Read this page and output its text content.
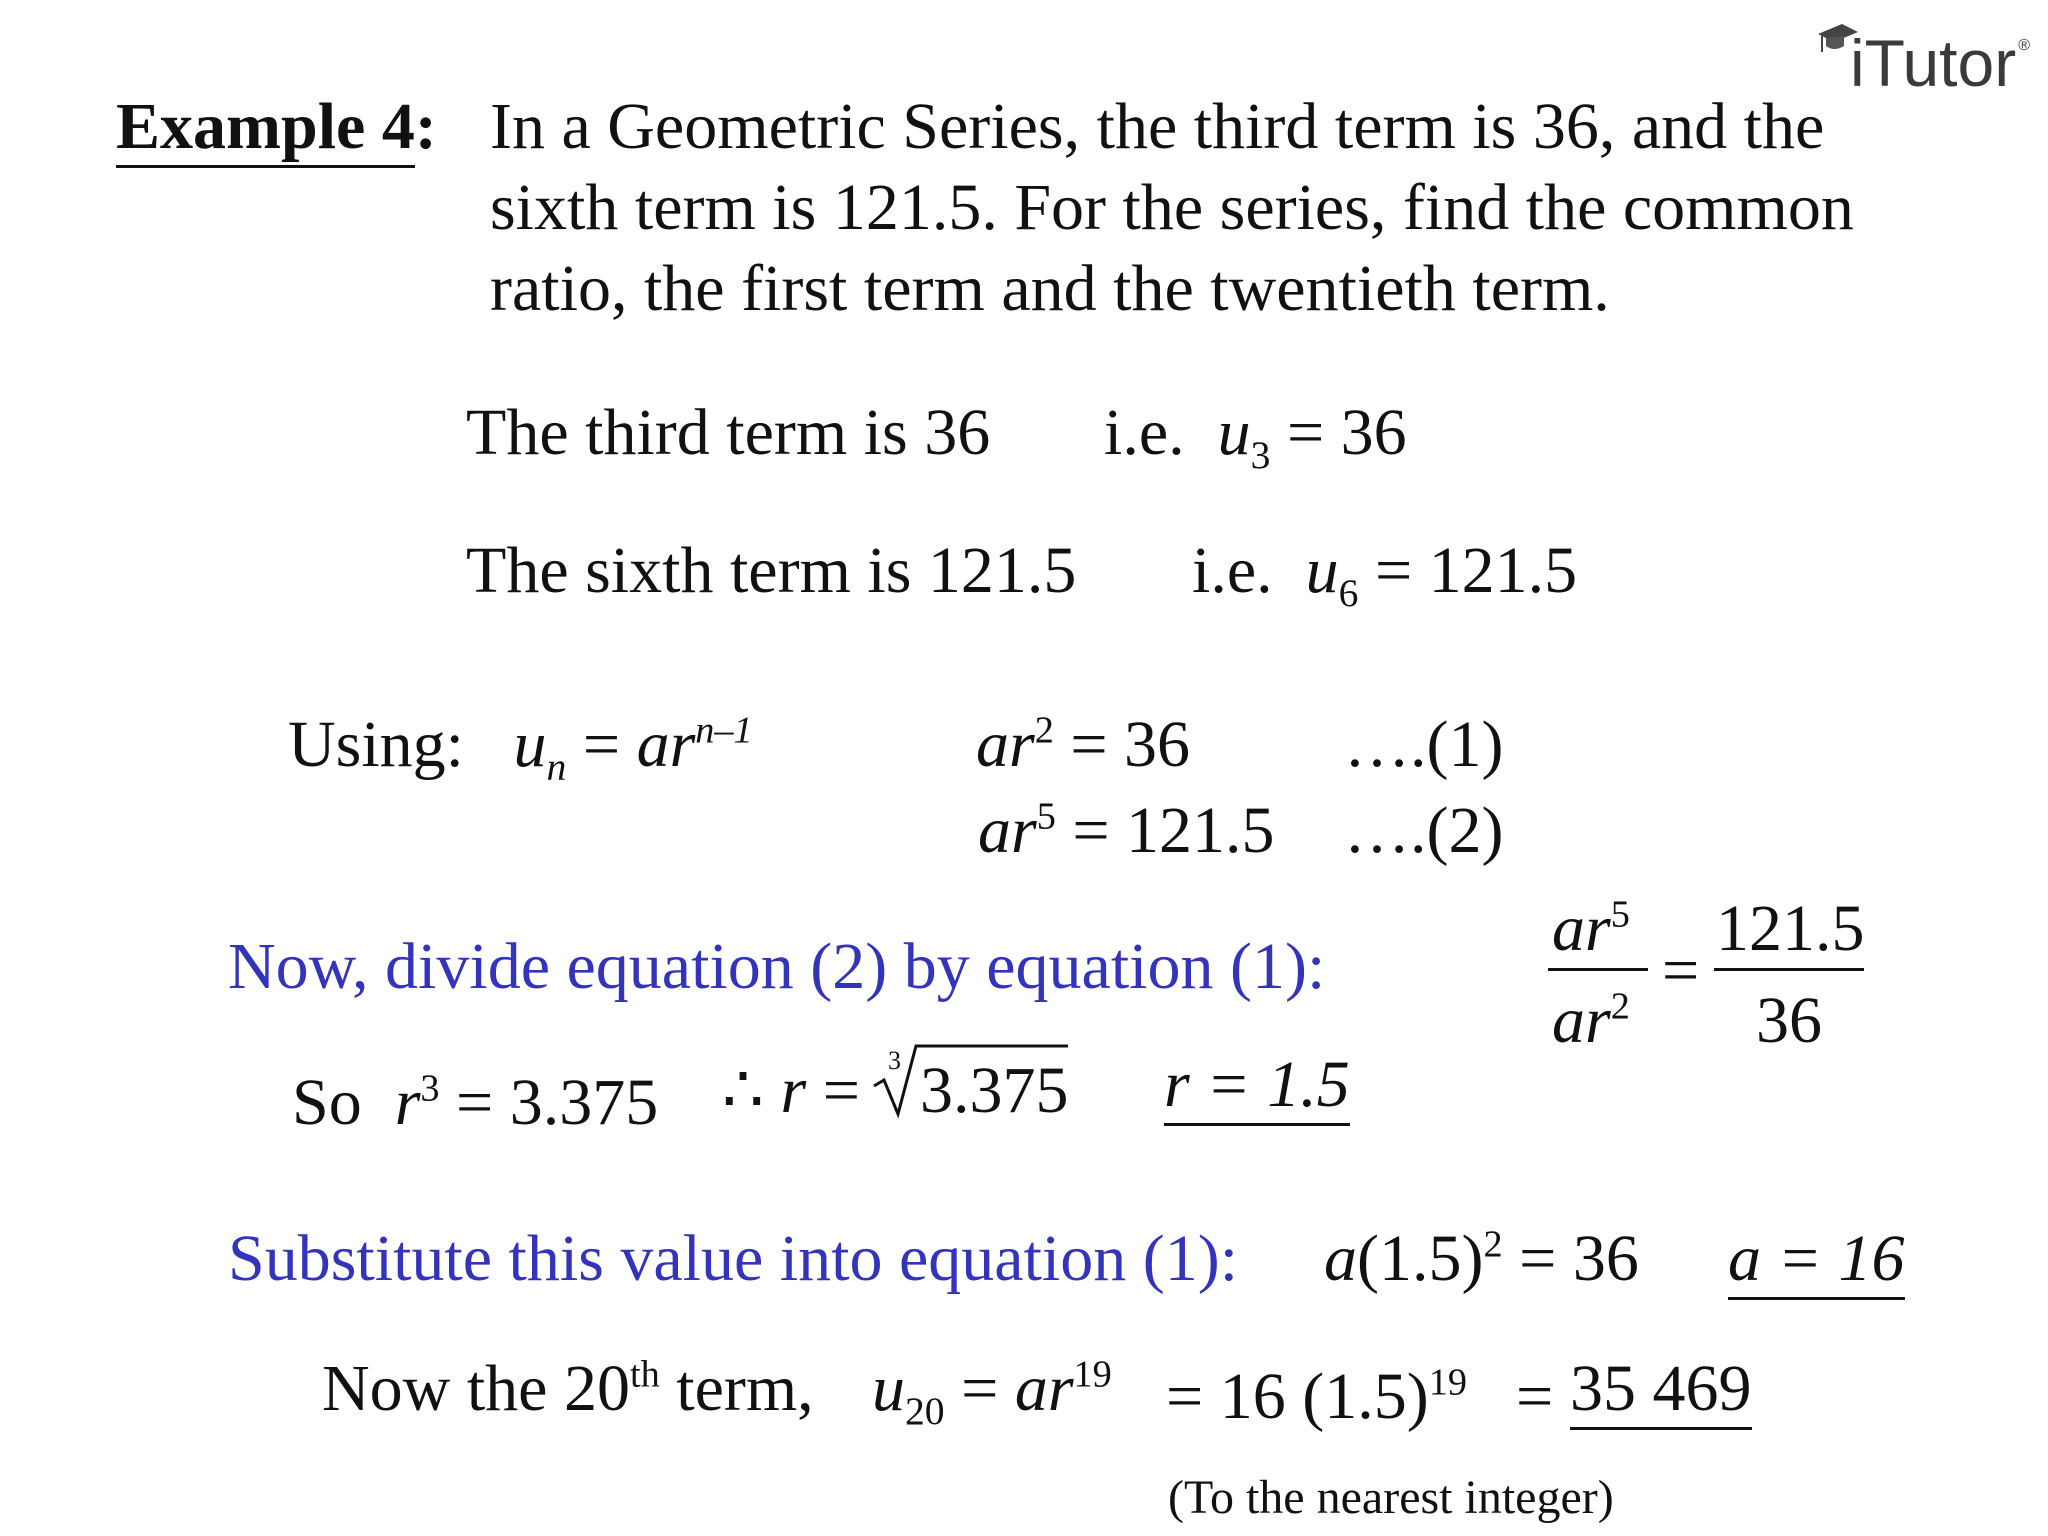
iTutor ®
Example 4: In a Geometric Series, the third term is 36, and the
sixth term is 121.5. For the series, find the common
ratio, the first term and the twentieth term.
The third term is 36 i.e. $u_3 = 36$
The sixth term is 121.5 i.e. $u_6 = 121.5$
Using: $u_n = ar^{n-1}$	$ar^2 = 36$ ….(1)
$ar^5 = 121.5$ ….(2)
Now, divide equation (2) by equation (1):
$ar^5$
$ar^2$ =
121.5
36
So $r^3 = 3.375$ ∴ r = 3 3.375 r = 1.5
Substitute this value into equation (1): $a(1.5)^2 = 36$ a = 16
Now the 20th term, $u_{20} = ar^{19} = 16$ $(1.5)^{19} = 35$ 469
(To the nearest integer)
